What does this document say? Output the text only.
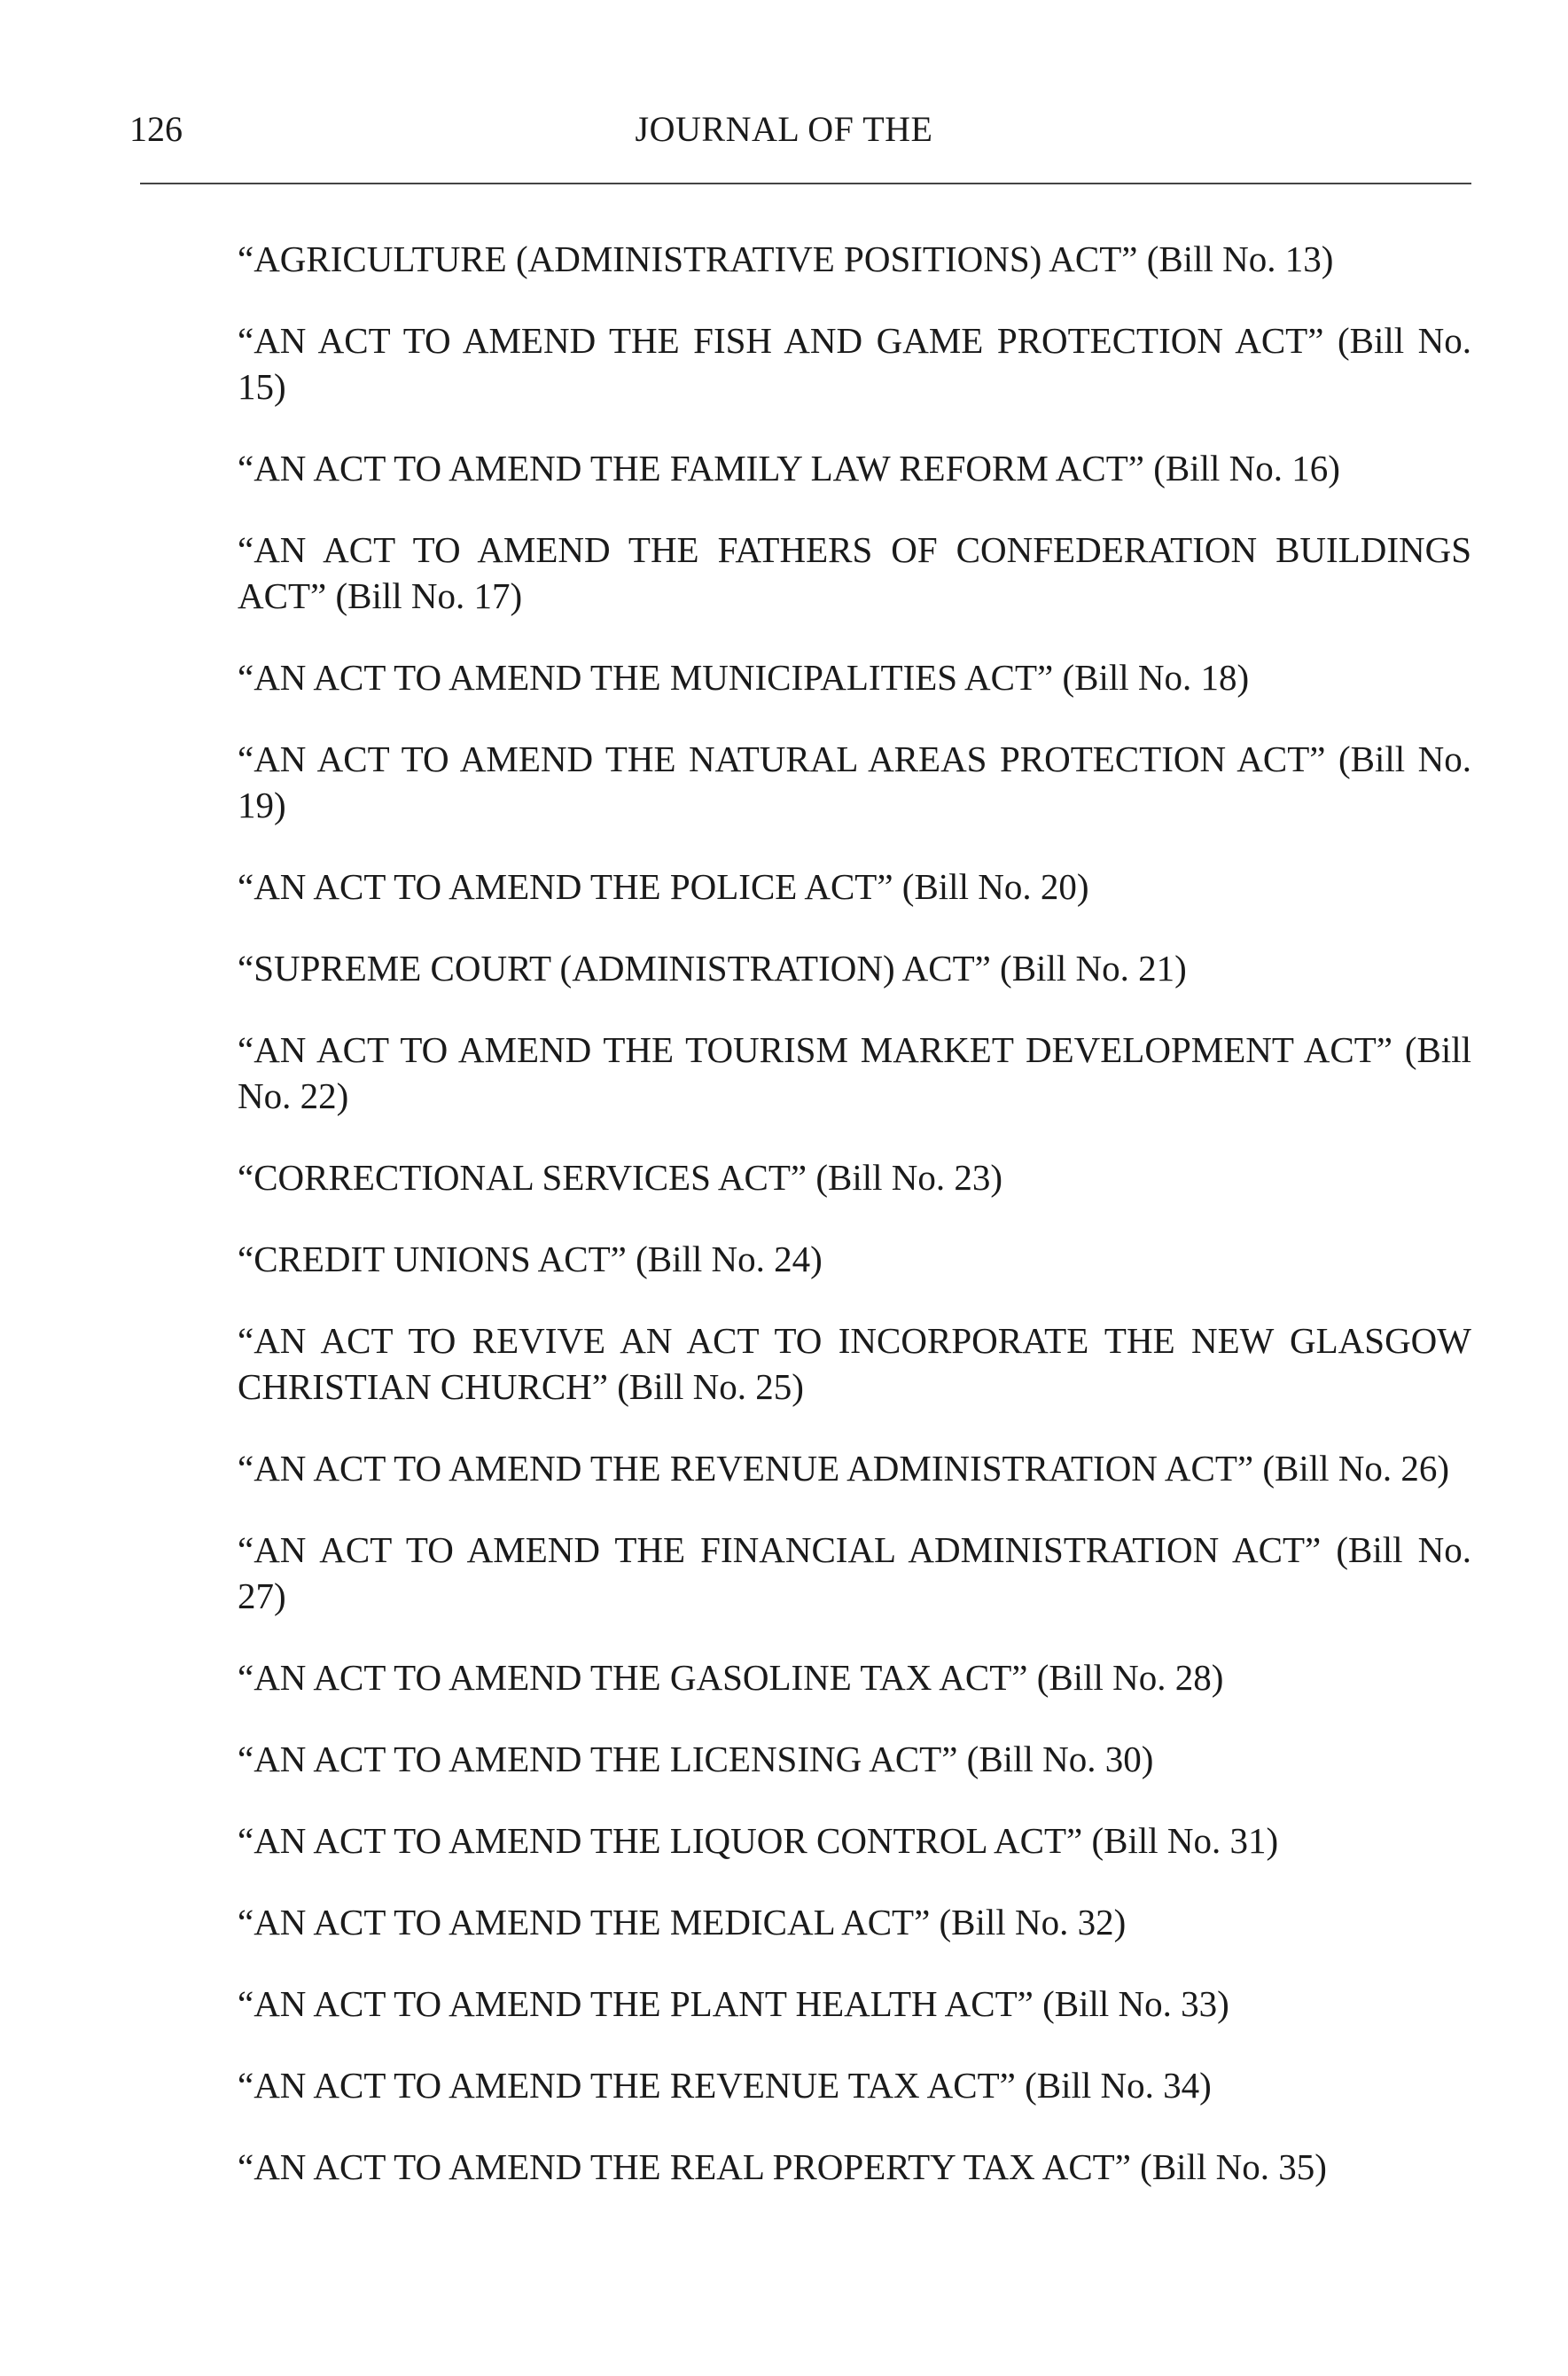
126	JOURNAL OF THE
“AGRICULTURE (ADMINISTRATIVE POSITIONS) ACT” (Bill No. 13)
“AN ACT TO AMEND THE FISH AND GAME PROTECTION ACT” (Bill No. 15)
“AN ACT TO AMEND THE FAMILY LAW REFORM ACT” (Bill No. 16)
“AN ACT TO AMEND THE FATHERS OF CONFEDERATION BUILDINGS ACT” (Bill No. 17)
“AN ACT TO AMEND THE MUNICIPALITIES ACT” (Bill No. 18)
“AN ACT TO AMEND THE NATURAL AREAS PROTECTION ACT” (Bill No. 19)
“AN ACT TO AMEND THE POLICE ACT” (Bill No. 20)
“SUPREME COURT (ADMINISTRATION) ACT” (Bill No. 21)
“AN ACT TO AMEND THE TOURISM MARKET DEVELOPMENT ACT” (Bill No. 22)
“CORRECTIONAL SERVICES ACT” (Bill No. 23)
“CREDIT UNIONS ACT” (Bill No. 24)
“AN ACT TO REVIVE AN ACT TO INCORPORATE THE NEW GLASGOW CHRISTIAN CHURCH” (Bill No. 25)
“AN ACT TO AMEND THE REVENUE ADMINISTRATION ACT” (Bill No. 26)
“AN ACT TO AMEND THE FINANCIAL ADMINISTRATION ACT” (Bill No. 27)
“AN ACT TO AMEND THE GASOLINE TAX ACT” (Bill No. 28)
“AN ACT TO AMEND THE LICENSING ACT” (Bill No. 30)
“AN ACT TO AMEND THE LIQUOR CONTROL ACT” (Bill No. 31)
“AN ACT TO AMEND THE MEDICAL ACT” (Bill No. 32)
“AN ACT TO AMEND THE PLANT HEALTH ACT” (Bill No. 33)
“AN ACT TO AMEND THE REVENUE TAX ACT” (Bill No. 34)
“AN ACT TO AMEND THE REAL PROPERTY TAX ACT” (Bill No. 35)
